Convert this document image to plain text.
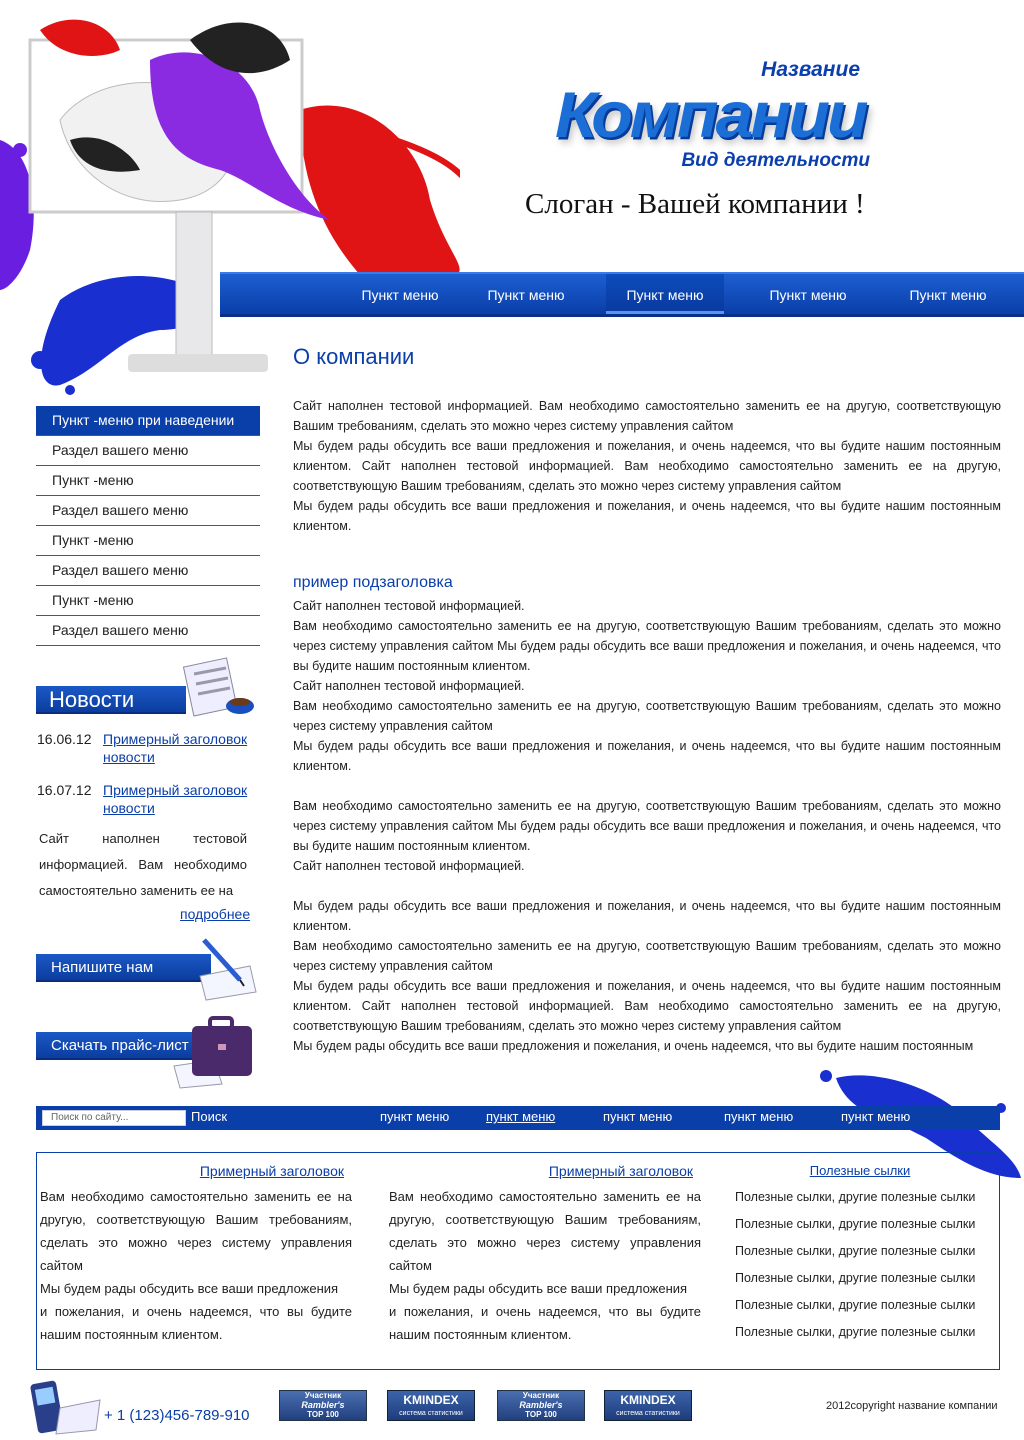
Название
Компании
Вид деятельности
Слоган - Вашей компании !
Пункт меню	Пункт меню	Пункт меню	Пункт меню	Пункт меню
Пункт -меню при наведении
Раздел вашего меню
Пункт -меню
Раздел вашего меню
Пункт -меню
Раздел вашего меню
Пункт -меню
Раздел вашего меню
Новости
16.06.12 Примерный заголовок новости
16.07.12 Примерный заголовок новости
Сайт наполнен тестовой информацией. Вам необходимо самостоятельно заменить ее на
подробнее
Напишите нам
Скачать прайс-лист
О компании

Сайт наполнен тестовой информацией. Вам необходимо самостоятельно заменить ее на другую, соответствующую Вашим требованиям, сделать это можно через систему управления сайтом

Мы будем рады обсудить все ваши предложения и пожелания, и очень надеемся, что вы будите нашим постоянным клиентом. Сайт наполнен тестовой информацией. Вам необходимо самостоятельно заменить ее на другую, соответствующую Вашим требованиям, сделать это можно через систему управления сайтом

Мы будем рады обсудить все ваши предложения и пожелания, и очень надеемся, что вы будите нашим постоянным клиентом.

пример подзаголовка

Сайт наполнен тестовой информацией.

Вам необходимо самостоятельно заменить ее на другую, соответствующую Вашим требованиям, сделать это можно через систему управления сайтом Мы будем рады обсудить все ваши предложения и пожелания, и очень надеемся, что вы будите нашим постоянным клиентом.

Сайт наполнен тестовой информацией.

Вам необходимо самостоятельно заменить ее на другую, соответствующую Вашим требованиям, сделать это можно через систему управления сайтом

Мы будем рады обсудить все ваши предложения и пожелания, и очень надеемся, что вы будите нашим постоянным клиентом.

Вам необходимо самостоятельно заменить ее на другую, соответствующую Вашим требованиям, сделать это можно через систему управления сайтом Мы будем рады обсудить все ваши предложения и пожелания, и очень надеемся, что вы будите нашим постоянным клиентом.

Сайт наполнен тестовой информацией.

Мы будем рады обсудить все ваши предложения и пожелания, и очень надеемся, что вы будите нашим постоянным клиентом.

Вам необходимо самостоятельно заменить ее на другую, соответствующую Вашим требованиям, сделать это можно через систему управления сайтом

Мы будем рады обсудить все ваши предложения и пожелания, и очень надеемся, что вы будите нашим постоянным клиентом. Сайт наполнен тестовой информацией. Вам необходимо самостоятельно заменить ее на другую, соответствующую Вашим требованиям, сделать это можно через систему управления сайтом

Мы будем рады обсудить все ваши предложения и пожелания, и очень надеемся, что вы будите нашим постоянным

Поиск по сайту...	Поиск	пункт меню	пункт меню	пункт меню	пункт меню	пункт меню
Примерный заголовок

Вам необходимо самостоятельно заменить ее на другую, соответствующую Вашим требованиям, сделать это можно через систему управления сайтом

Мы будем рады обсудить все ваши предложения

и пожелания, и очень надеемся, что вы будите нашим постоянным клиентом.

Примерный заголовок

Вам необходимо самостоятельно заменить ее на другую, соответствующую Вашим требованиям, сделать это можно через систему управления сайтом

Мы будем рады обсудить все ваши предложения

и пожелания, и очень надеемся, что вы будите нашим постоянным клиентом.

Полезные сылки
Полезные сылки, другие полезные сылки
Полезные сылки, другие полезные сылки
Полезные сылки, другие полезные сылки
Полезные сылки, другие полезные сылки
Полезные сылки, другие полезные сылки
Полезные сылки, другие полезные сылки
+ 1 (123)456-789-910
Участник
Rambler's
TOP 100
KMINDEX
система статистики
Участник
Rambler's
TOP 100
KMINDEX
система статистики
2012copyright название компании
